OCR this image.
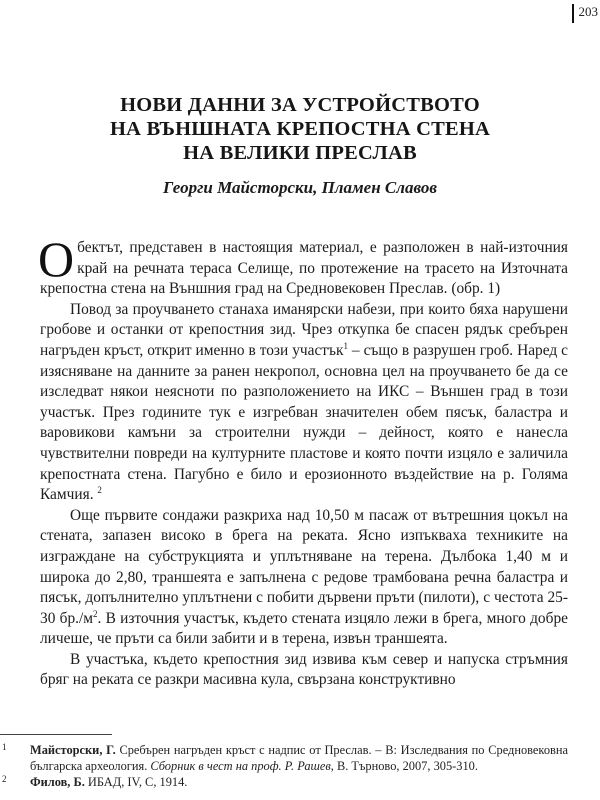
203
НОВИ ДАННИ ЗА УСТРОЙСТВОТО
НА ВЪНШНАТА КРЕПОСТНА СТЕНА
НА ВЕЛИКИ ПРЕСЛАВ
Георги Майсторски, Пламен Славов

Обектът, представен в настоящия материал, е разположен в най-източния край на речната тераса Селище, по протежение на трасето на Източната крепостна стена на Външния град на Средновековен Преслав. (обр. 1)

Повод за проучването станаха иманярски набези, при които бяха нарушени гробове и останки от крепостния зид. Чрез откупка бе спасен рядък сребърен нагръден кръст, открит именно в този участък$^1$ – също в разрушен гроб. Наред с изясняване на данните за ранен некропол, основна цел на проучването бе да се изследват някои неясноти по разположението на ИКС – Външен град в този участък. През годините тук е изгребван значителен обем пясък, баластра и варовикови камъни за строителни нужди – дейност, която е нанесла чувствителни повреди на културните пластове и която почти изцяло е заличила крепостната стена. Пагубно е било и ерозионното въздействие на р. Голяма Камчия. $^2$

Още първите сондажи разкриха над 10,50 м пасаж от вътрешния цокъл на стената, запазен високо в брега на реката. Ясно изпъкваха техниките на изграждане на субструкцията и уплътняване на терена. Дълбока 1,40 м и широка до 2,80, траншеята е запълнена с редове трамбована речна баластра и пясък, допълнително уплътнени с побити дървени пръти (пилоти), с честота 25-30 $бр./м^2$. В източния участък, където стената изцяло лежи в брега, много добре личеше, че пръти са били забити и в терена, извън траншеята.

В участъка, където крепостния зид извива към север и напуска стръмния бряг на реката се разкри масивна кула, свързана конструктивно

1 Майсторски, Г. Сребърен нагръден кръст с надпис от Преслав. – В: Изследвания по Средновековна българска археология. Сборник в чест на проф. Р. Рашев, В. Търново, 2007, 305-310.

2 Филов, Б. ИБАД, IV, С, 1914.
